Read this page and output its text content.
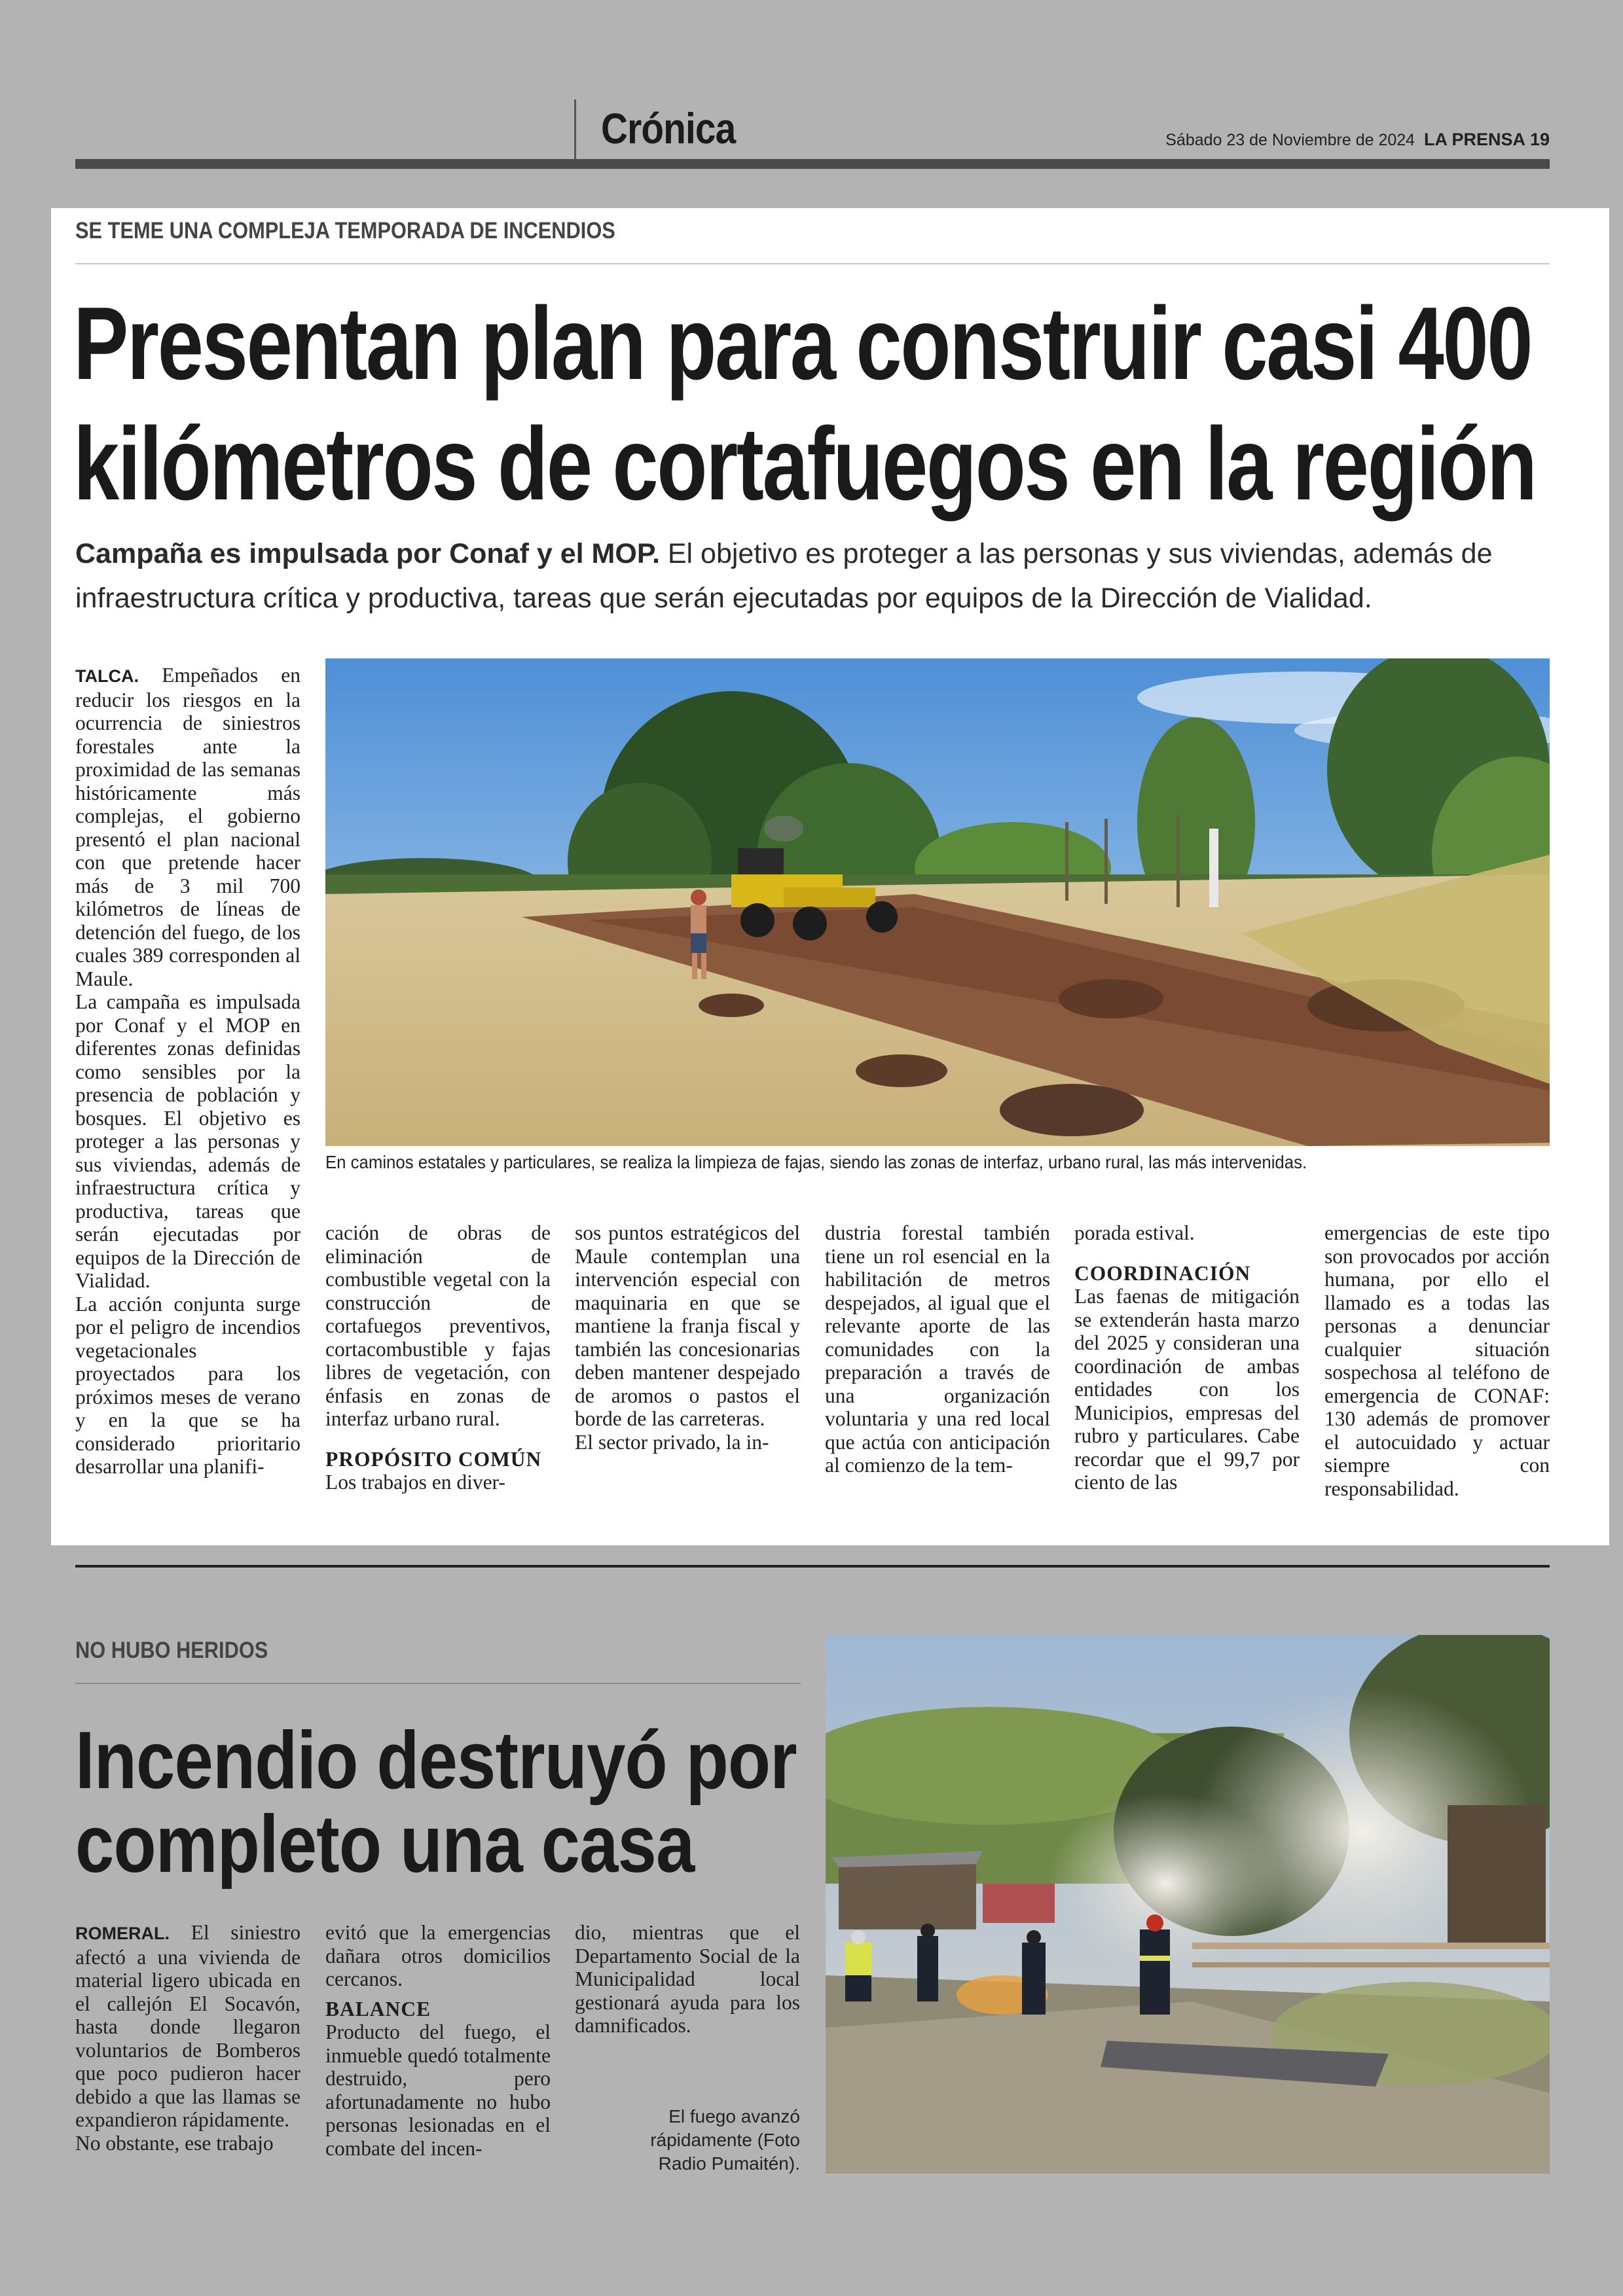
Crónica	Sábado 23 de Noviembre de 2024 LA PRENSA 19
SE TEME UNA COMPLEJA TEMPORADA DE INCENDIOS
Presentan plan para construir casi 400
kilómetros de cortafuegos en la región
Campaña es impulsada por Conaf y el MOP. El objetivo es proteger a las personas y sus viviendas, además de
infraestructura crítica y productiva, tareas que serán ejecutadas por equipos de la Dirección de Vialidad.

TALCA. Empeñados en reducir los riesgos en la ocurrencia de siniestros forestales ante la proximidad de las semanas históricamente más complejas, el gobierno presentó el plan nacional con que pretende hacer más de 3 mil 700 kilómetros de líneas de detención del fuego, de los cuales 389 corresponden al Maule.

La campaña es impulsada por Conaf y el MOP en diferentes zonas definidas como sensibles por la presencia de población y bosques. El objetivo es proteger a las personas y sus viviendas, además de infraestructura crítica y productiva, tareas que serán ejecutadas por equipos de la Dirección de Vialidad.

La acción conjunta surge por el peligro de incendios vegetacionales proyectados para los próximos meses de verano y en la que se ha considerado prioritario desarrollar una planifi-

En caminos estatales y particulares, se realiza la limpieza de fajas, siendo las zonas de interfaz, urbano rural, las más intervenidas.

cación de obras de eliminación de combustible vegetal con la construcción de cortafuegos preventivos, cortacombustible y fajas libres de vegetación, con énfasis en zonas de interfaz urbano rural.

PROPÓSITO COMÚN

Los trabajos en diver-

sos puntos estratégicos del Maule contemplan una intervención especial con maquinaria en que se mantiene la franja fiscal y también las concesionarias deben mantener despejado de aromos o pastos el borde de las carreteras.

El sector privado, la in-

dustria forestal también tiene un rol esencial en la habilitación de metros despejados, al igual que el relevante aporte de las comunidades con la preparación a través de una organización voluntaria y una red local que actúa con anticipación al comienzo de la tem-

porada estival.

COORDINACIÓN

Las faenas de mitigación se extenderán hasta marzo del 2025 y consideran una coordinación de ambas entidades con los Municipios, empresas del rubro y particulares. Cabe recordar que el 99,7 por ciento de las

emergencias de este tipo son provocados por acción humana, por ello el llamado es a todas las personas a denunciar cualquier situación sospechosa al teléfono de emergencia de CONAF: 130 además de promover el autocuidado y actuar siempre con responsabilidad.

NO HUBO HERIDOS
Incendio destruyó por
completo una casa

ROMERAL. El siniestro afectó a una vivienda de material ligero ubicada en el callejón El Socavón, hasta donde llegaron voluntarios de Bomberos que poco pudieron hacer debido a que las llamas se expandieron rápidamente.

No obstante, ese trabajo

evitó que la emergencias dañara otros domicilios cercanos.

BALANCE

Producto del fuego, el inmueble quedó totalmente destruido, pero afortunadamente no hubo personas lesionadas en el combate del incen-

dio, mientras que el Departamento Social de la Municipalidad local gestionará ayuda para los damnificados.

El fuego avanzó rápidamente (Foto Radio Pumaitén).
